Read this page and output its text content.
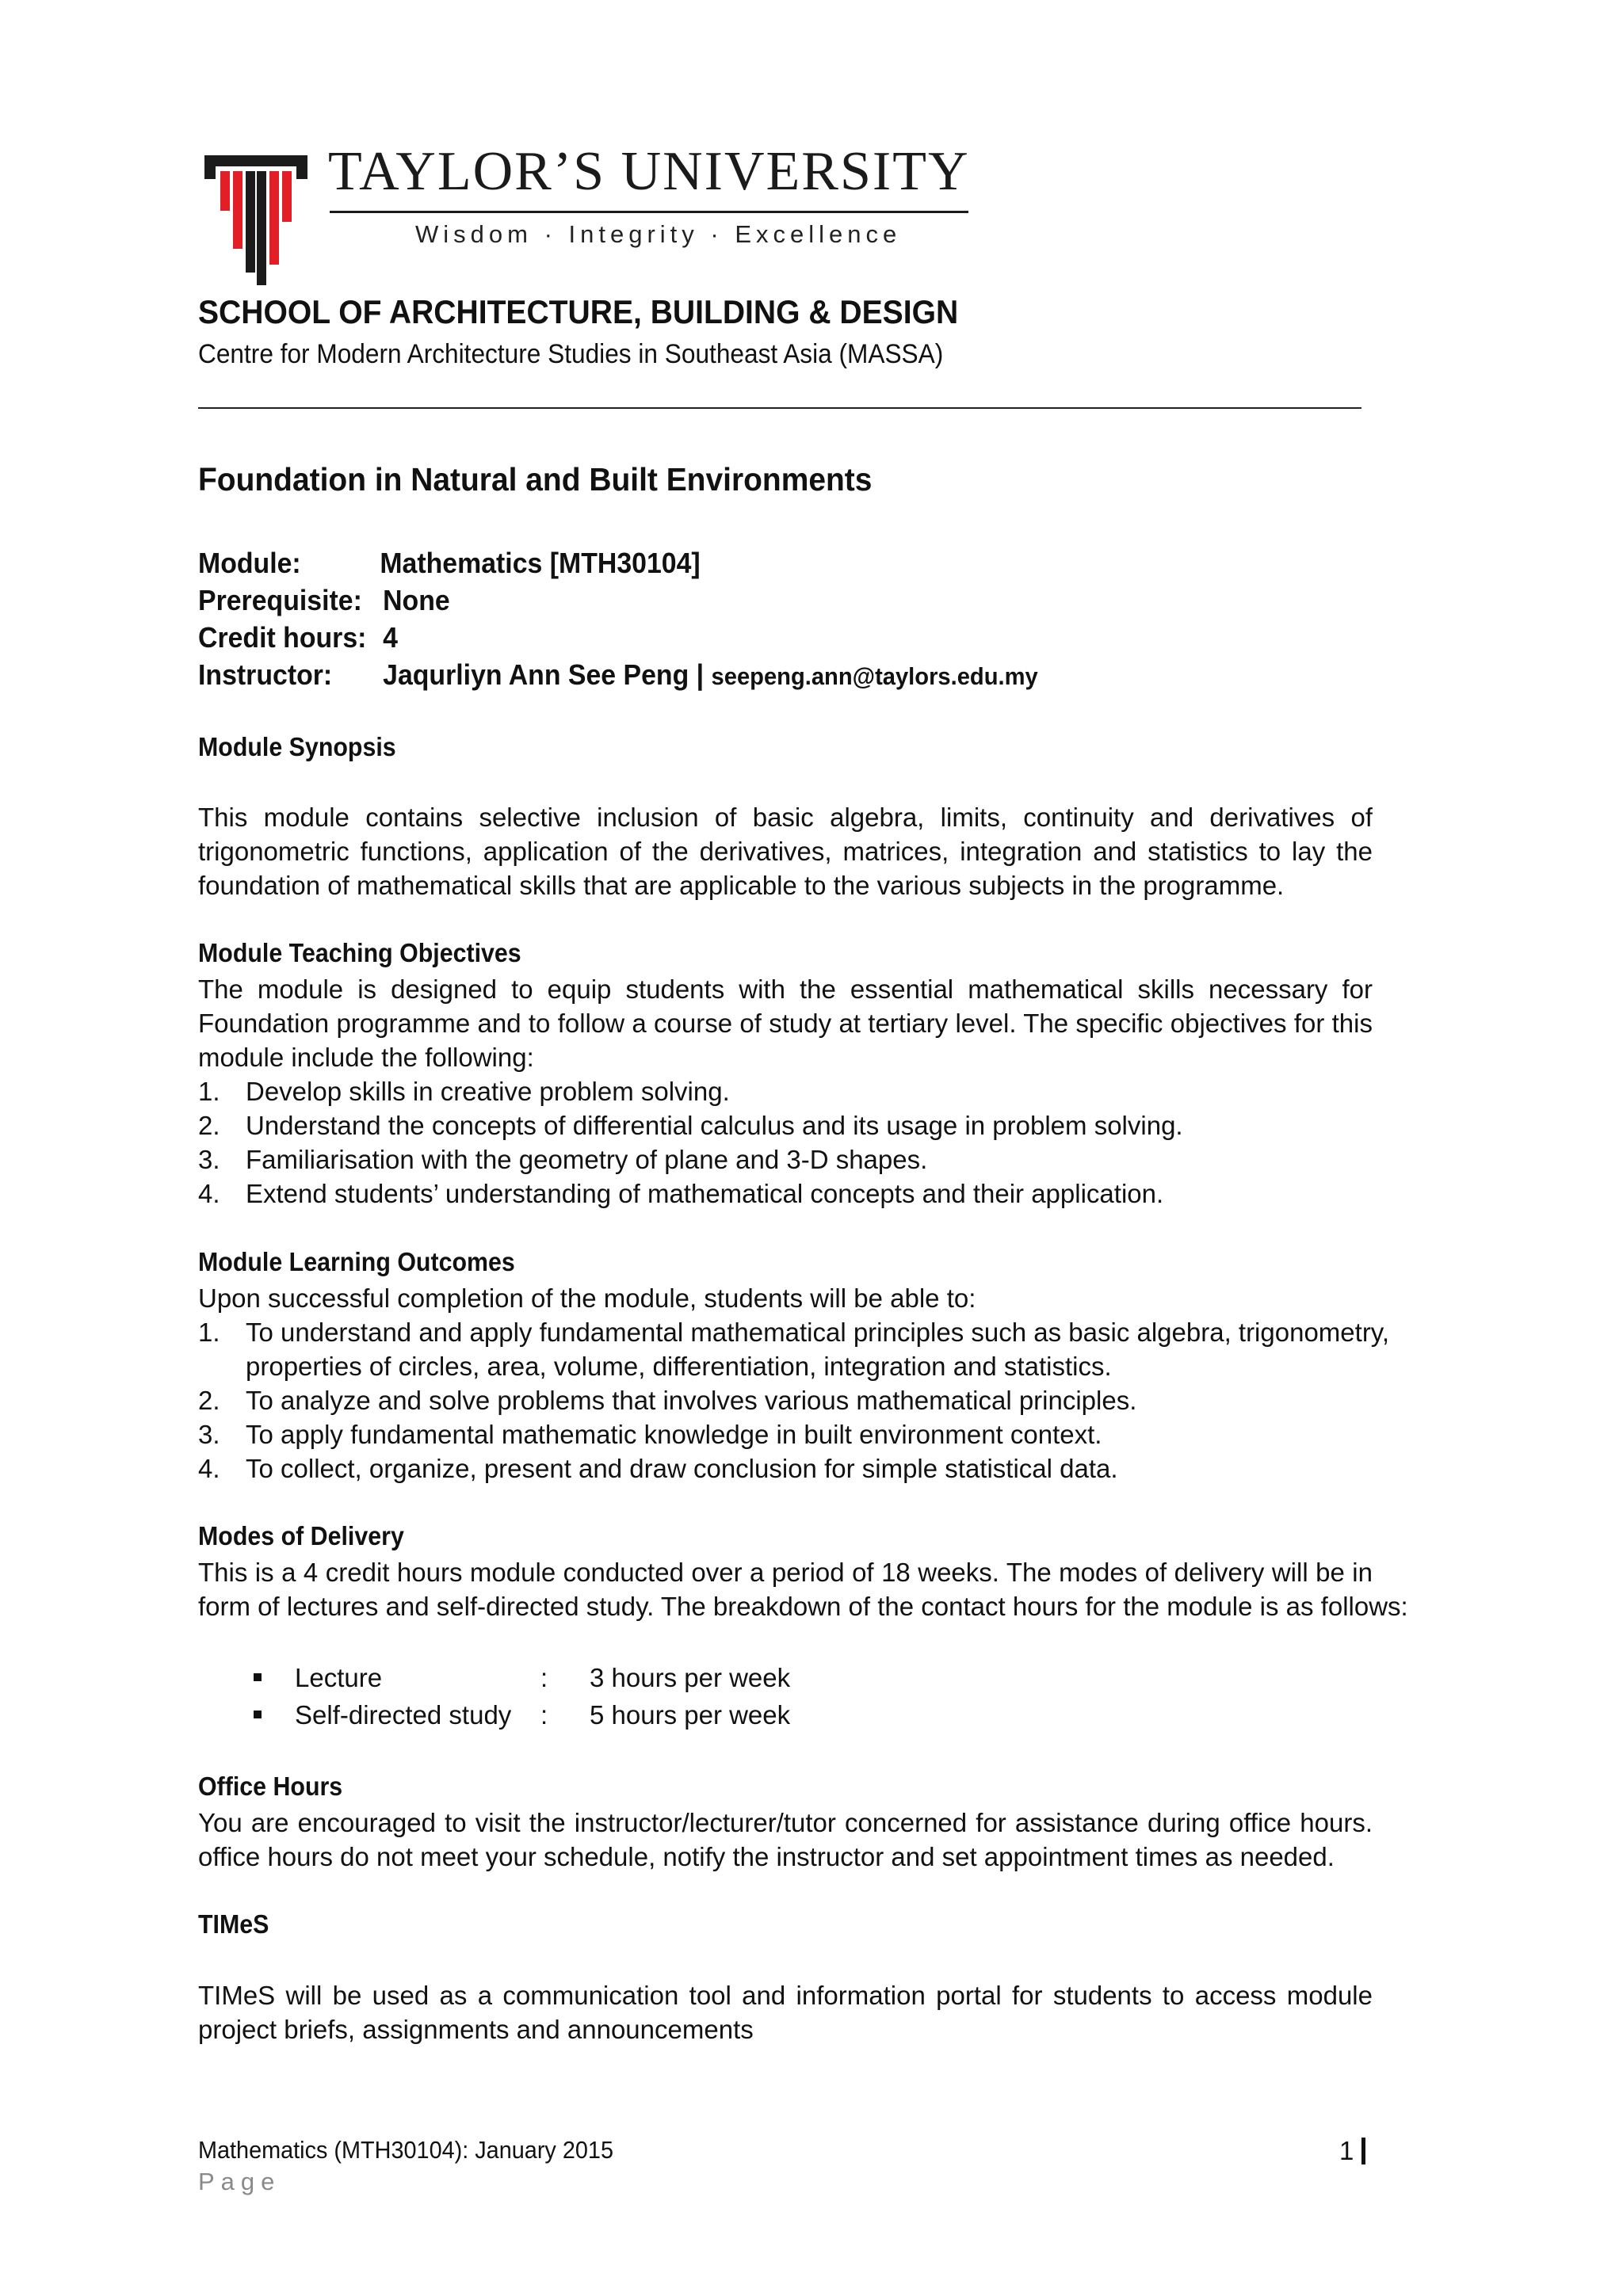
TAYLOR’S UNIVERSITY
Wisdom · Integrity · Excellence
SCHOOL OF ARCHITECTURE, BUILDING & DESIGN
Centre for Modern Architecture Studies in Southeast Asia (MASSA)
Foundation in Natural and Built Environments
Module:	Mathematics [MTH30104]
Prerequisite: None
Credit hours: 4
Instructor: Jaqurliyn Ann See Peng | seepeng.ann@taylors.edu.my
Module Synopsis
This module contains selective inclusion of basic algebra, limits, continuity and derivatives of
trigonometric functions, application of the derivatives, matrices, integration and statistics to lay the
foundation of mathematical skills that are applicable to the various subjects in the programme.
Module Teaching Objectives
The module is designed to equip students with the essential mathematical skills necessary for
Foundation programme and to follow a course of study at tertiary level. The specific objectives for this
module include the following:
1. Develop skills in creative problem solving.
2. Understand the concepts of differential calculus and its usage in problem solving.
3. Familiarisation with the geometry of plane and 3-D shapes.
4. Extend students’ understanding of mathematical concepts and their application.
Module Learning Outcomes
Upon successful completion of the module, students will be able to:
1. To understand and apply fundamental mathematical principles such as basic algebra, trigonometry,
properties of circles, area, volume, differentiation, integration and statistics.
2. To analyze and solve problems that involves various mathematical principles.
3. To apply fundamental mathematic knowledge in built environment context.
4. To collect, organize, present and draw conclusion for simple statistical data.
Modes of Delivery
This is a 4 credit hours module conducted over a period of 18 weeks. The modes of delivery will be in
form of lectures and self-directed study. The breakdown of the contact hours for the module is as follows:
Lecture	: 3 hours per week
Self-directed study : 5 hours per week
Office Hours
You are encouraged to visit the instructor/lecturer/tutor concerned for assistance during office hours.
office hours do not meet your schedule, notify the instructor and set appointment times as needed.
TIMeS
TIMeS will be used as a communication tool and information portal for students to access module
project briefs, assignments and announcements
Mathematics (MTH30104): January 2015
Page
1
